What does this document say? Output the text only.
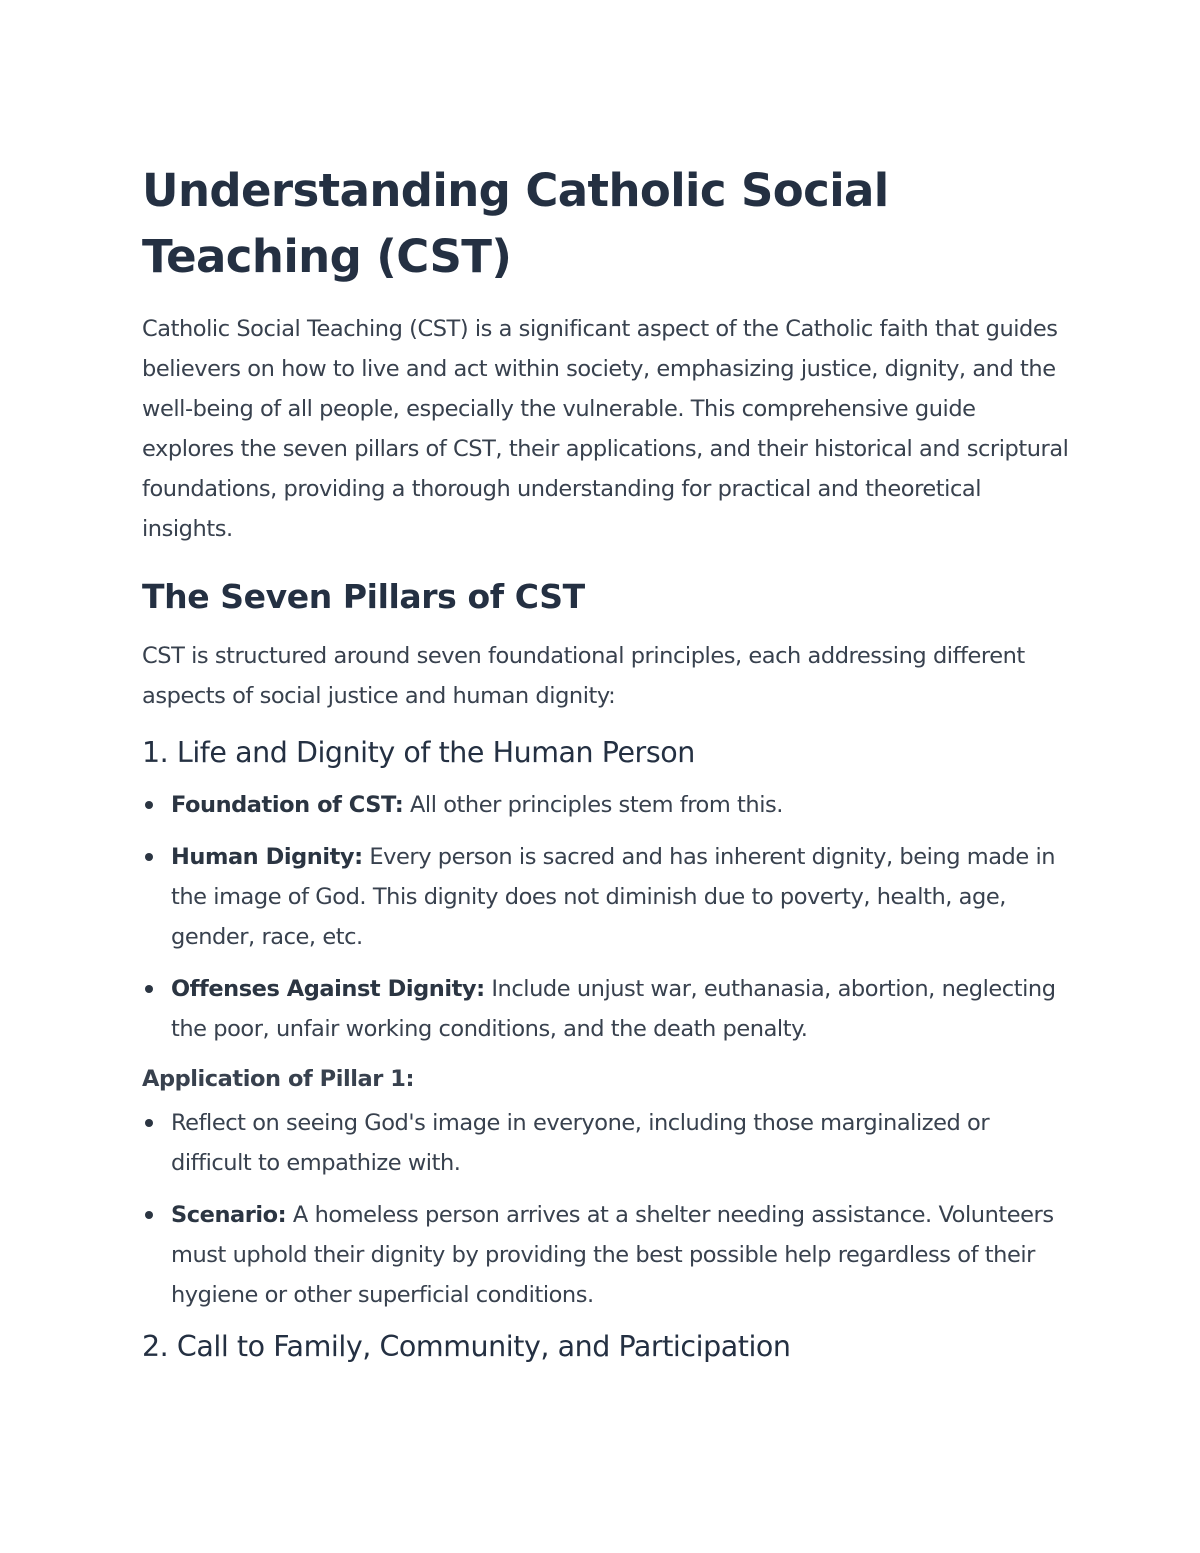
Understanding Catholic Social Teaching (CST)

Catholic Social Teaching (CST) is a significant aspect of the Catholic faith that guides believers on how to live and act within society, emphasizing justice, dignity, and the well-being of all people, especially the vulnerable. This comprehensive guide explores the seven pillars of CST, their applications, and their historical and scriptural foundations, providing a thorough understanding for practical and theoretical insights.

The Seven Pillars of CST

CST is structured around seven foundational principles, each addressing different aspects of social justice and human dignity:

1. Life and Dignity of the Human Person
Foundation of CST: All other principles stem from this.
Human Dignity: Every person is sacred and has inherent dignity, being made in the image of God. This dignity does not diminish due to poverty, health, age, gender, race, etc.
Offenses Against Dignity: Include unjust war, euthanasia, abortion, neglecting the poor, unfair working conditions, and the death penalty.

Application of Pillar 1:

Reflect on seeing God's image in everyone, including those marginalized or difficult to empathize with.
Scenario: A homeless person arrives at a shelter needing assistance. Volunteers must uphold their dignity by providing the best possible help regardless of their hygiene or other superficial conditions.
2. Call to Family, Community, and Participation
